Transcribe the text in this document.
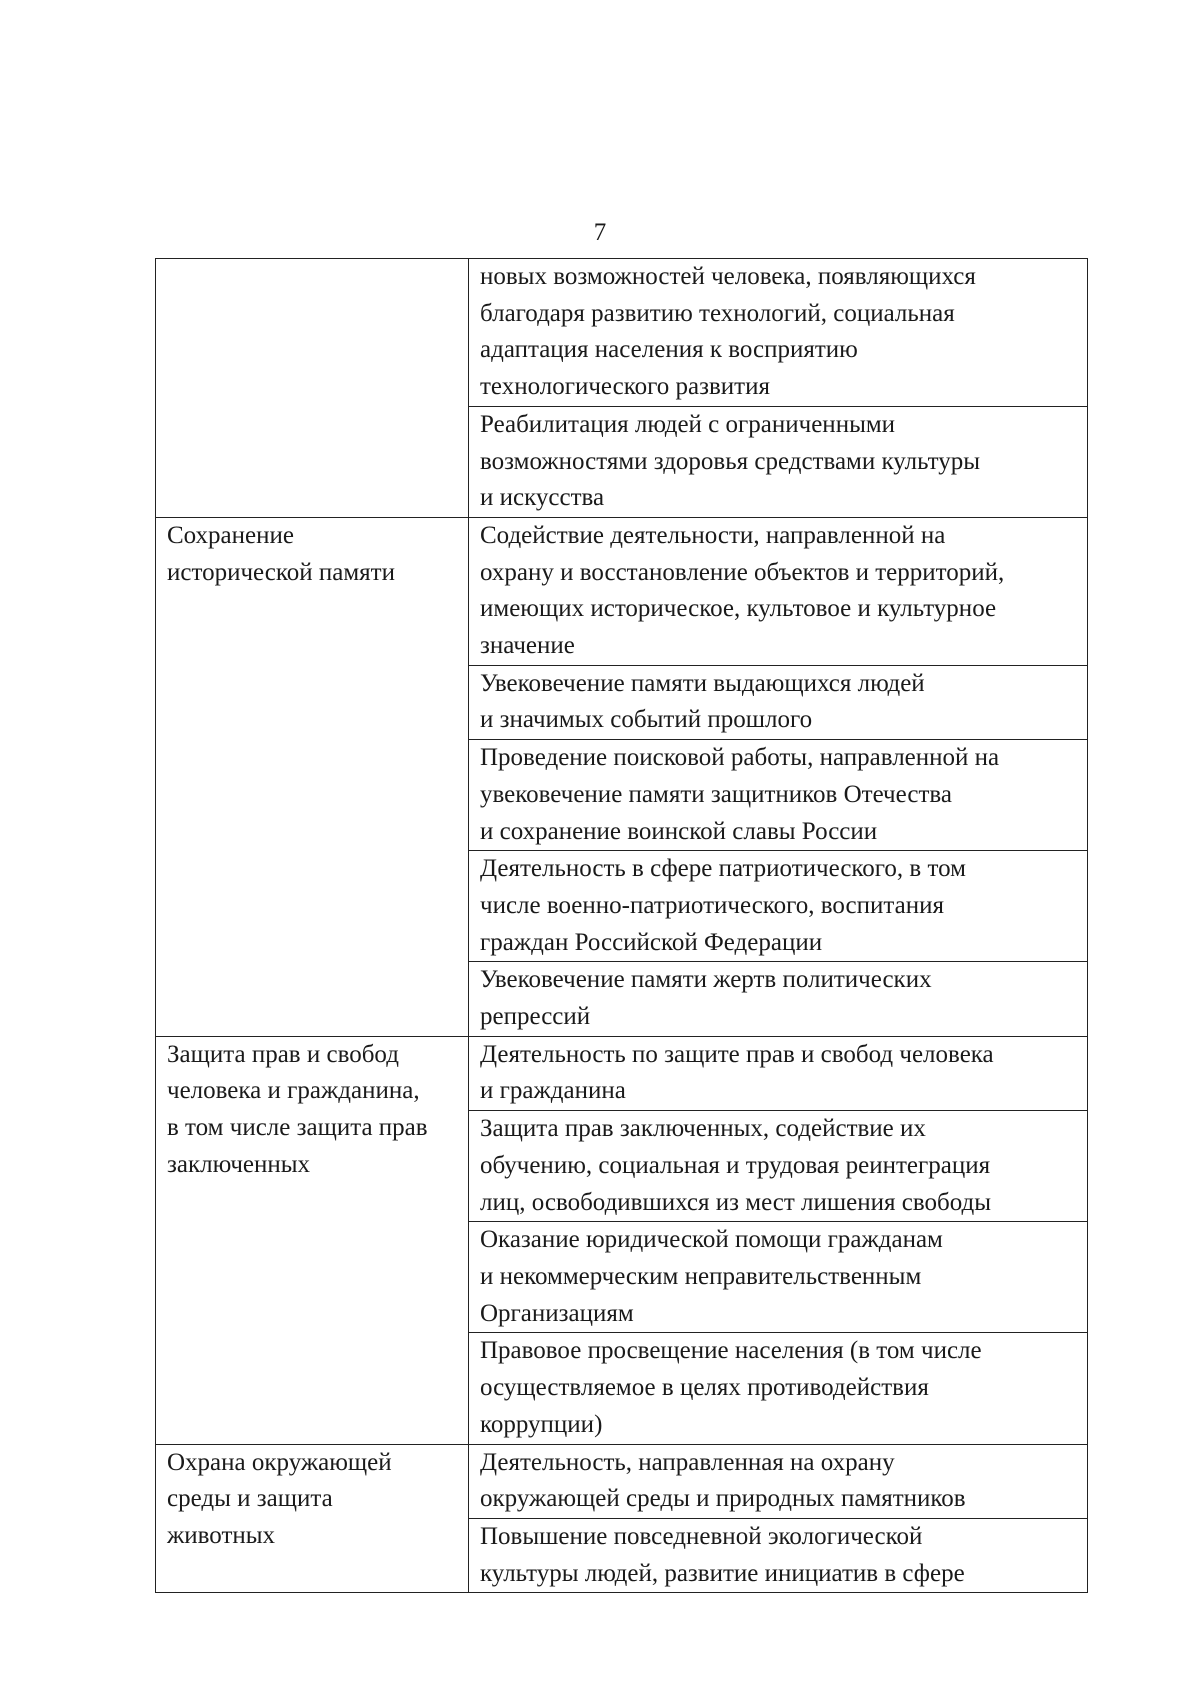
7

	новых возможностей человека, появляющихся
благодаря развитию технологий, социальная
адаптация населения к восприятию
технологического развития

	Реабилитация людей с ограниченными
возможностями здоровья средствами культуры
и искусства

Сохранение
исторической памяти	Содействие деятельности, направленной на
охрану и восстановление объектов и территорий,
имеющих историческое, культовое и культурное
значение

	Увековечение памяти выдающихся людей
и значимых событий прошлого

	Проведение поисковой работы, направленной на
увековечение памяти защитников Отечества
и сохранение воинской славы России

	Деятельность в сфере патриотического, в том
числе военно-патриотического, воспитания
граждан Российской Федерации

	Увековечение памяти жертв политических
репрессий

Защита прав и свобод
человека и гражданина,
в том числе защита прав
заключенных	Деятельность по защите прав и свобод человека
и гражданина

	Защита прав заключенных, содействие их
обучению, социальная и трудовая реинтеграция
лиц, освободившихся из мест лишения свободы

	Оказание юридической помощи гражданам
и некоммерческим неправительственным
Организациям

	Правовое просвещение населения (в том числе
осуществляемое в целях противодействия
коррупции)

Охрана окружающей
среды и защита
животных	Деятельность, направленная на охрану
окружающей среды и природных памятников

	Повышение повседневной экологической
культуры людей, развитие инициатив в сфере
